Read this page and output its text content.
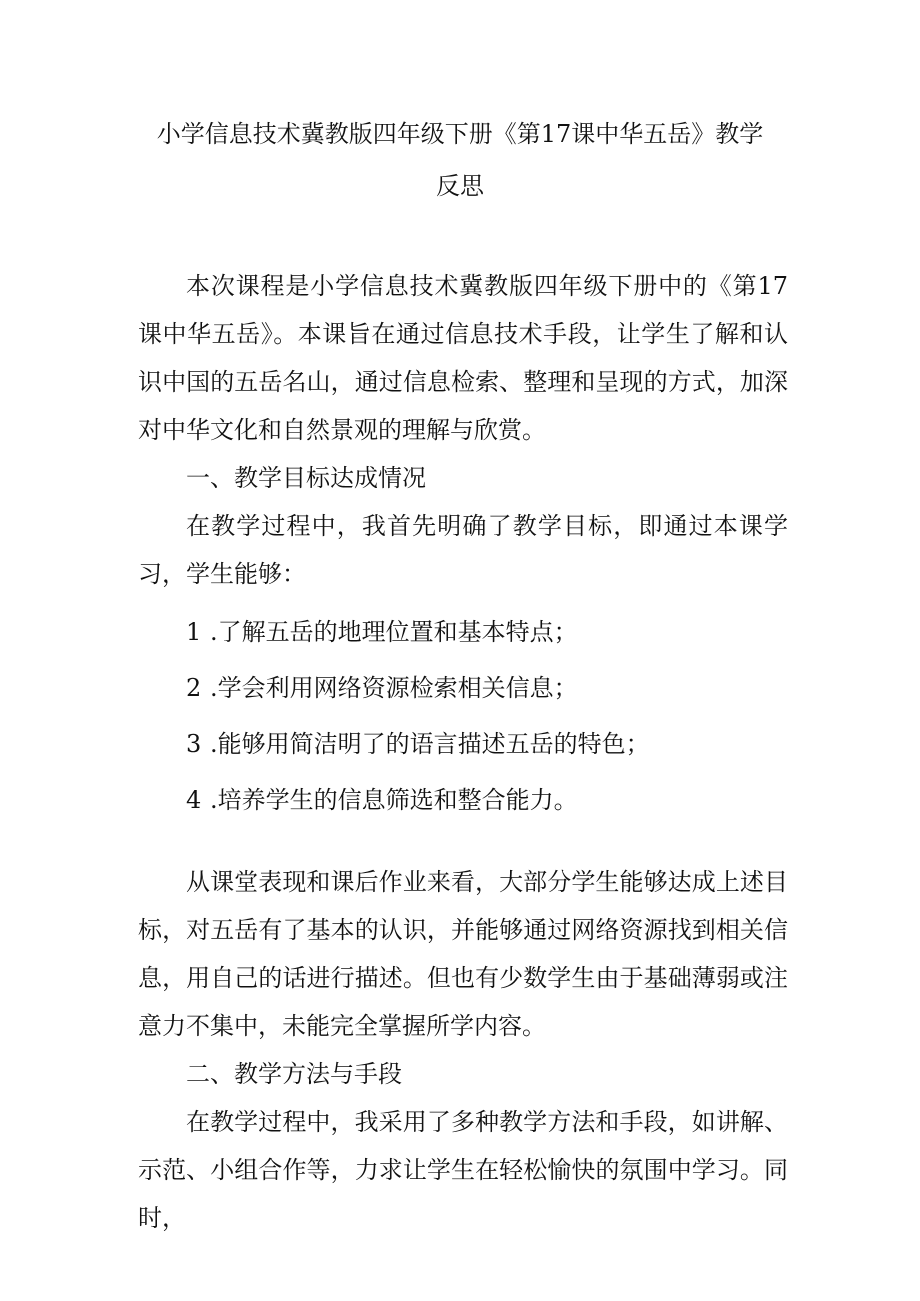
小学信息技术冀教版四年级下册《第17课中华五岳》教学
反思

本次课程是小学信息技术冀教版四年级下册中的《第17课中华五岳》。本课旨在通过信息技术手段，让学生了解和认识中国的五岳名山，通过信息检索、整理和呈现的方式，加深对中华文化和自然景观的理解与欣赏。

一、教学目标达成情况

在教学过程中，我首先明确了教学目标，即通过本课学习，学生能够：

1 .了解五岳的地理位置和基本特点；
2 .学会利用网络资源检索相关信息；
3 .能够用简洁明了的语言描述五岳的特色；
4 .培养学生的信息筛选和整合能力。

从课堂表现和课后作业来看，大部分学生能够达成上述目标，对五岳有了基本的认识，并能够通过网络资源找到相关信息，用自己的话进行描述。但也有少数学生由于基础薄弱或注意力不集中，未能完全掌握所学内容。

二、教学方法与手段

在教学过程中，我采用了多种教学方法和手段，如讲解、示范、小组合作等，力求让学生在轻松愉快的氛围中学习。同时，
